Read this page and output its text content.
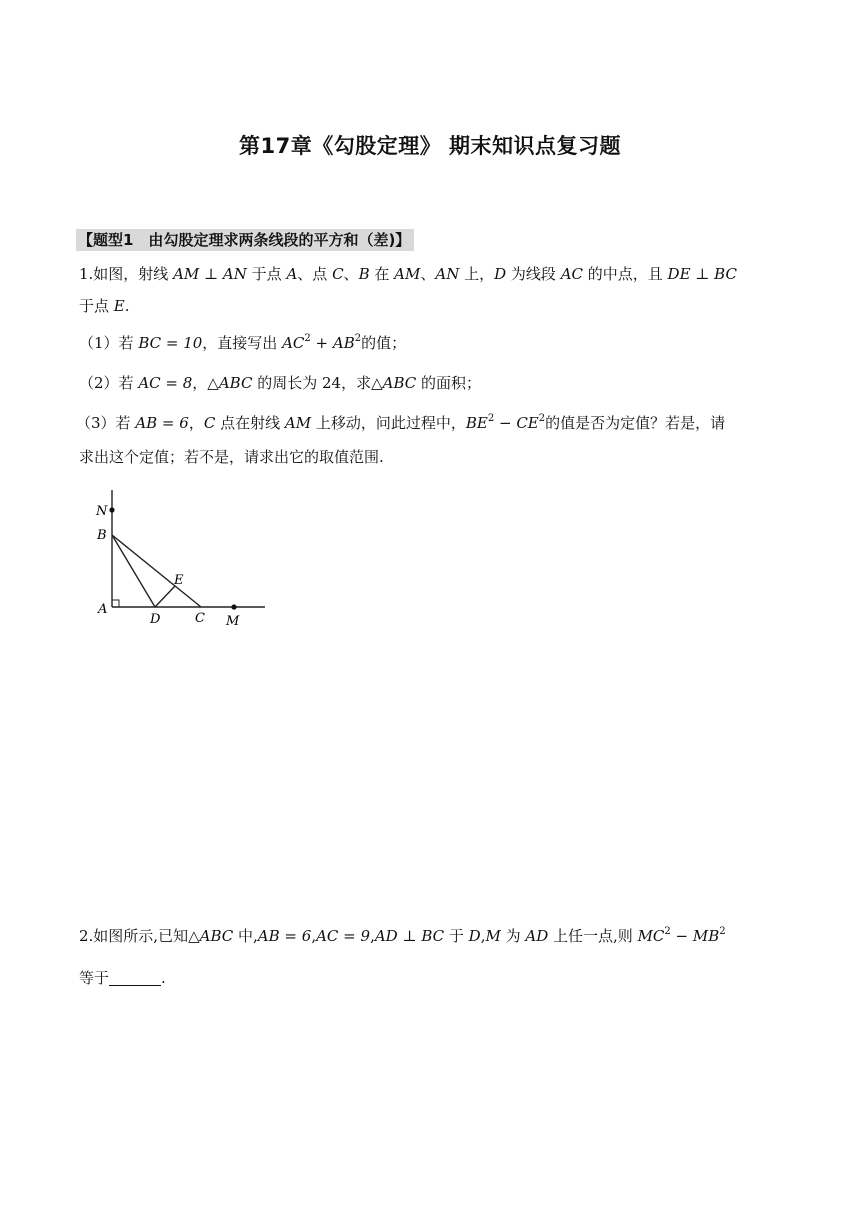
第17章《勾股定理》 期末知识点复习题
【题型1　由勾股定理求两条线段的平方和（差)】
1.如图，射线 AM ⊥ AN 于点 A、点 C、B 在 AM、AN 上，D 为线段 AC 的中点，且 DE ⊥ BC
于点 E.
（1）若 BC = 10，直接写出 $AC^2 + AB^2$的值；
（2）若 AC = 8，△ABC 的周长为 24，求△ABC 的面积；
（3）若 AB = 6，C 点在射线 AM 上移动，问此过程中，$BE^2 - CE^2$的值是否为定值？若是，请
求出这个定值；若不是，请求出它的取值范围.
N
B
E
A
D	C M
2.如图所示,已知△ABC 中,AB = 6,AC = 9,AD ⊥ BC 于 D,M 为 AD 上任一点,则 $MC^2 - MB^2$
等于	.
